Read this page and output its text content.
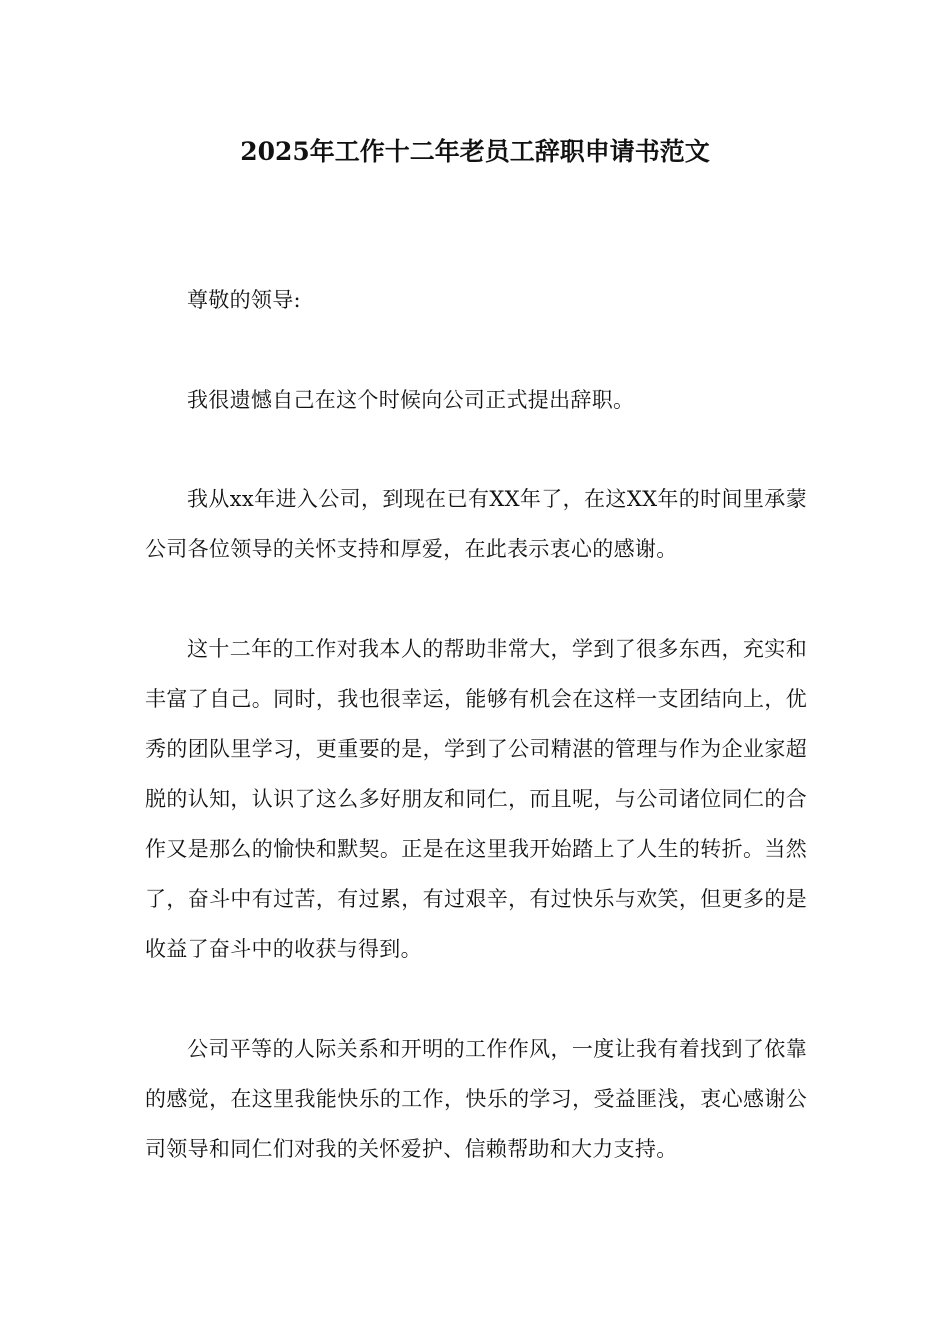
2025年工作十二年老员工辞职申请书范文

尊敬的领导:

我很遗憾自己在这个时候向公司正式提出辞职。

我从xx年进入公司，到现在已有XX年了，在这XX年的时间里承蒙公司各位领导的关怀支持和厚爱，在此表示衷心的感谢。

这十二年的工作对我本人的帮助非常大，学到了很多东西，充实和丰富了自己。同时，我也很幸运，能够有机会在这样一支团结向上，优秀的团队里学习，更重要的是，学到了公司精湛的管理与作为企业家超脱的认知，认识了这么多好朋友和同仁，而且呢，与公司诸位同仁的合作又是那么的愉快和默契。正是在这里我开始踏上了人生的转折。当然了，奋斗中有过苦，有过累，有过艰辛，有过快乐与欢笑，但更多的是收益了奋斗中的收获与得到。

公司平等的人际关系和开明的工作作风，一度让我有着找到了依靠的感觉，在这里我能快乐的工作，快乐的学习，受益匪浅，衷心感谢公司领导和同仁们对我的关怀爱护、信赖帮助和大力支持。
